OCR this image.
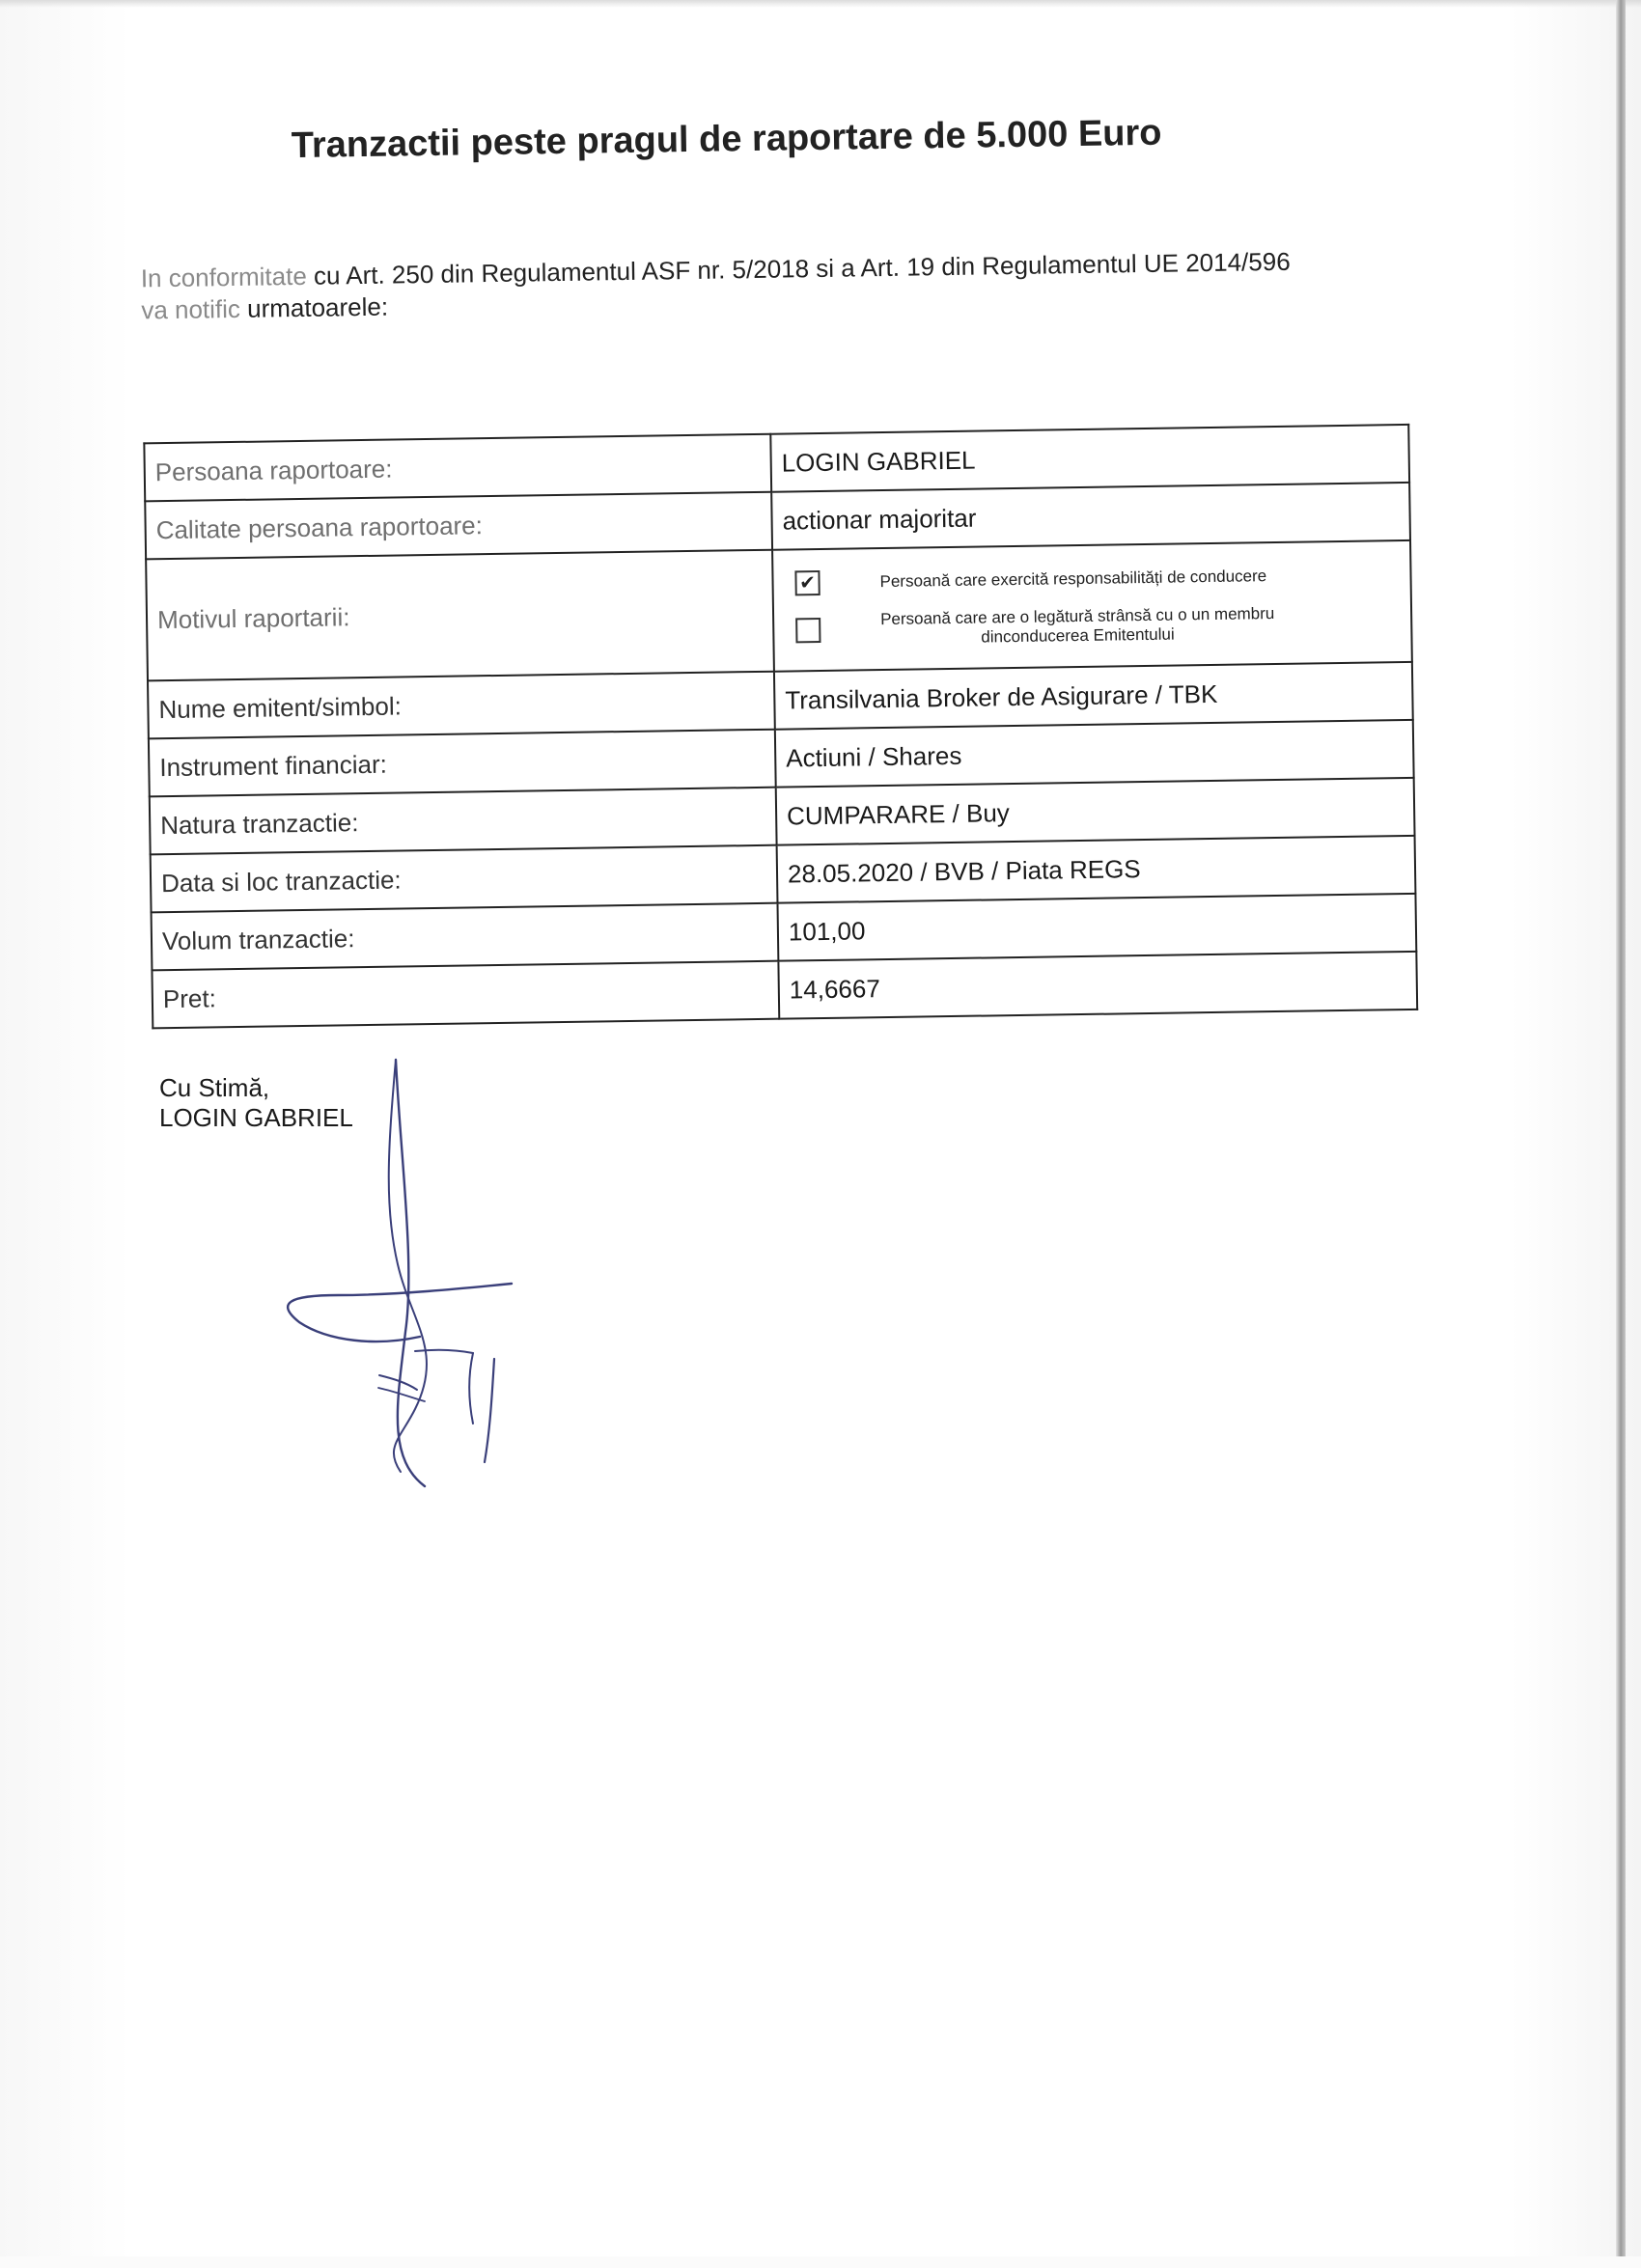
Tranzactii peste pragul de raportare de 5.000 Euro
In conformitate cu Art. 250 din Regulamentul ASF nr. 5/2018 si a Art. 19 din Regulamentul UE 2014/596
va notific urmatoarele:
Persoana raportoare:	LOGIN GABRIEL
Calitate persoana raportoare:	actionar majoritar
Motivul raportarii:	✔ Persoană care exercită responsabilități de conducere
Persoană care are o legătură strânsă cu o un membru
dinconducerea Emitentului

Nume emitent/simbol:	Transilvania Broker de Asigurare / TBK
Instrument financiar:	Actiuni / Shares
Natura tranzactie:	CUMPARARE / Buy
Data si loc tranzactie:	28.05.2020 / BVB / Piata REGS
Volum tranzactie:	101,00
Pret:	14,6667
Cu Stimă,
LOGIN GABRIEL
